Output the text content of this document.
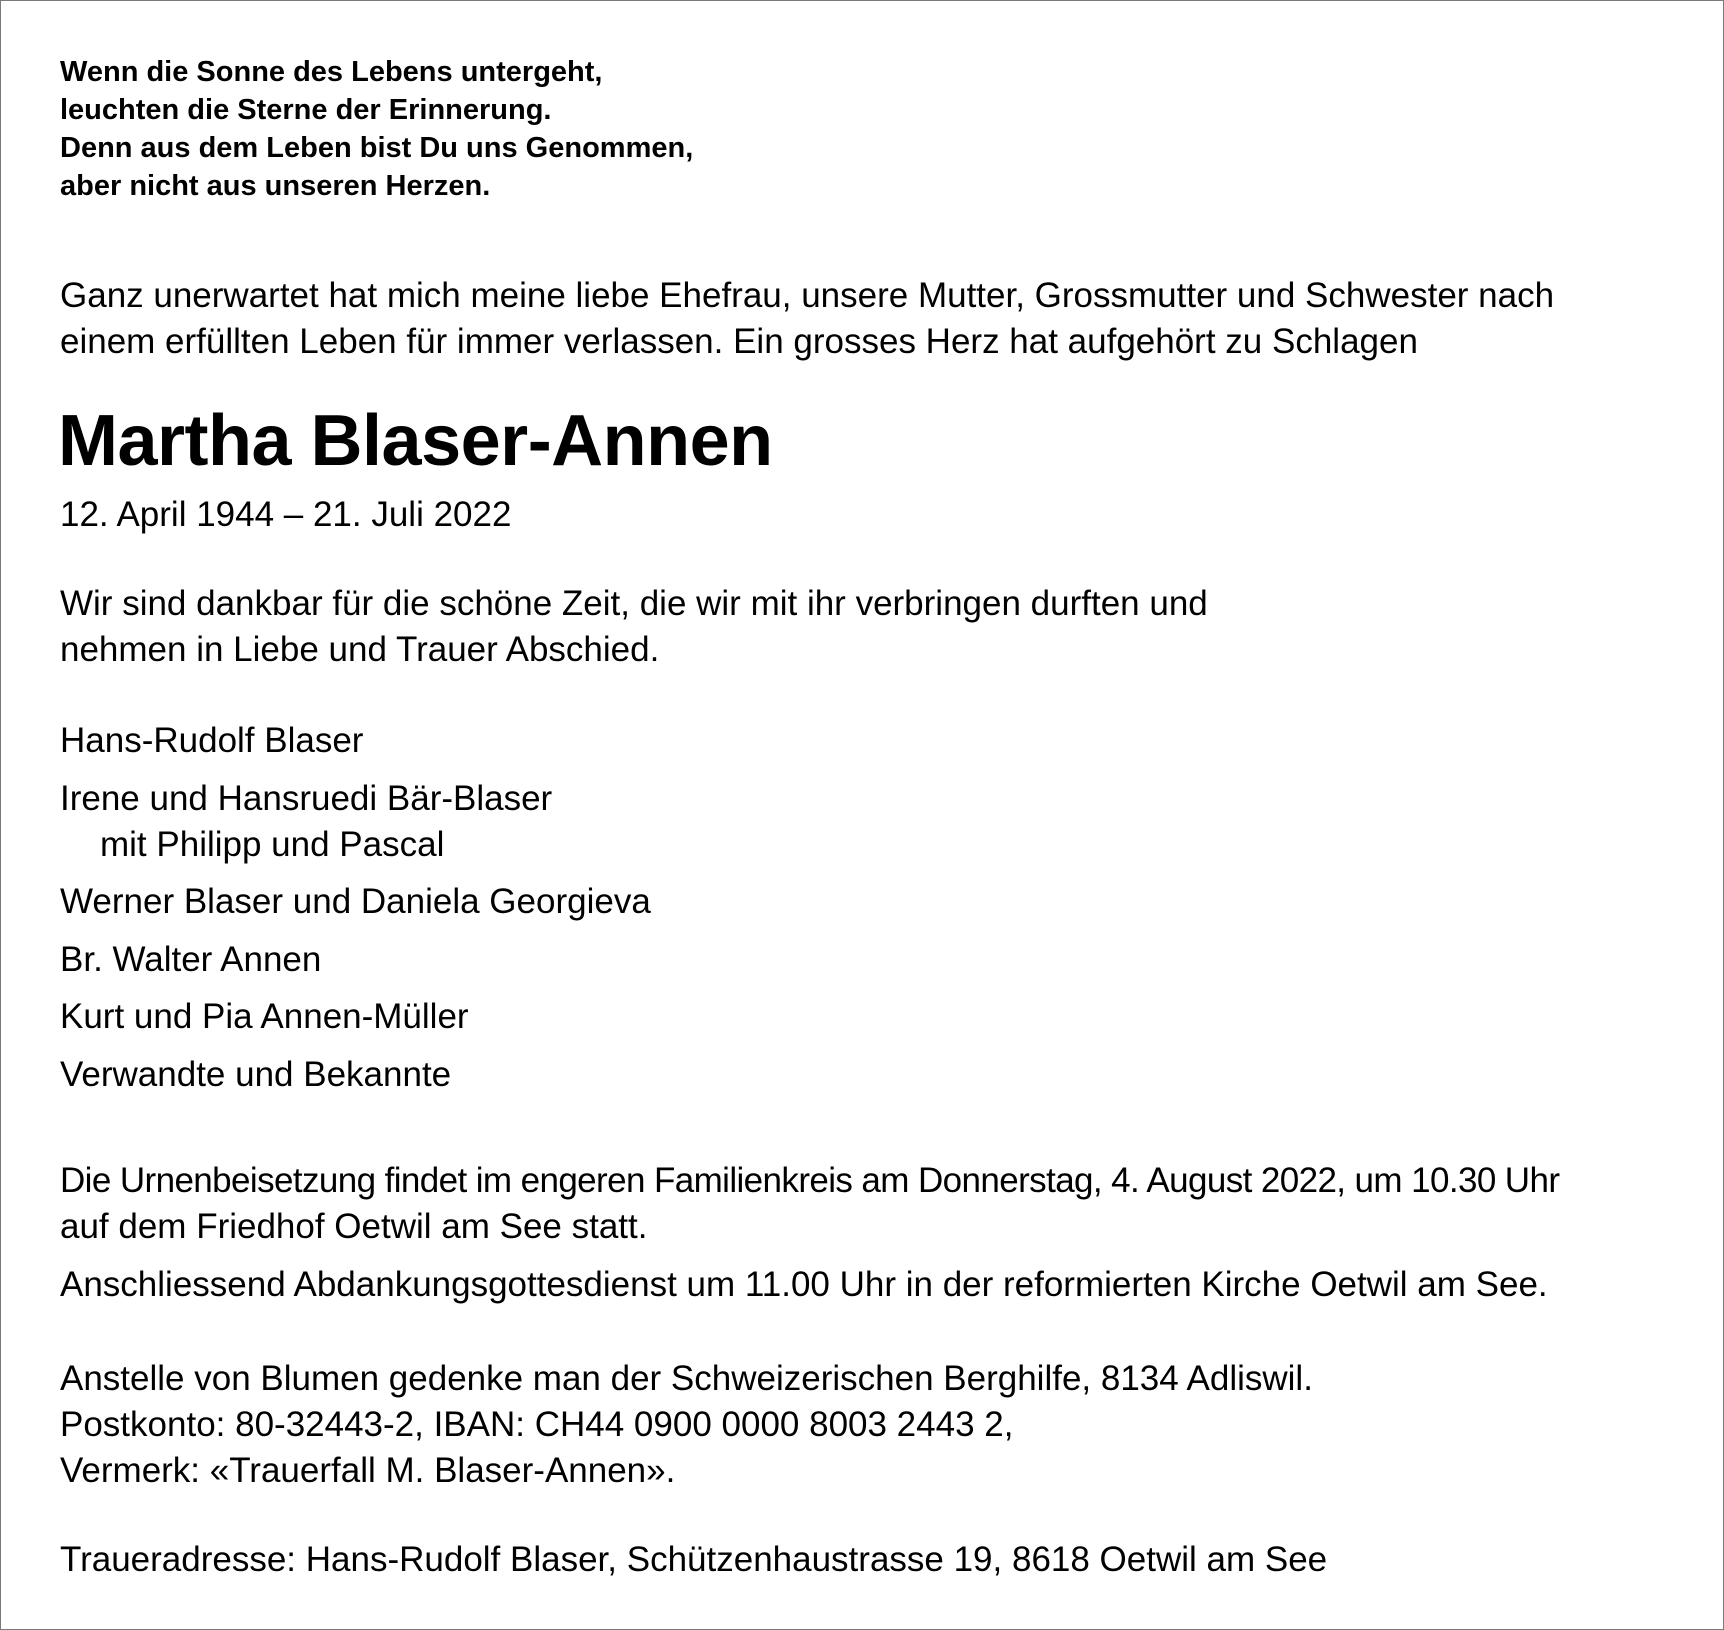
Wenn die Sonne des Lebens untergeht,
leuchten die Sterne der Erinnerung.
Denn aus dem Leben bist Du uns Genommen,
aber nicht aus unseren Herzen.
Ganz unerwartet hat mich meine liebe Ehefrau, unsere Mutter, Grossmutter und Schwester nach
einem erfüllten Leben für immer verlassen. Ein grosses Herz hat aufgehört zu Schlagen
Martha Blaser-Annen
12. April 1944 – 21. Juli 2022
Wir sind dankbar für die schöne Zeit, die wir mit ihr verbringen durften und
nehmen in Liebe und Trauer Abschied.
Hans-Rudolf Blaser
Irene und Hansruedi Bär-Blaser
mit Philipp und Pascal
Werner Blaser und Daniela Georgieva
Br. Walter Annen
Kurt und Pia Annen-Müller
Verwandte und Bekannte
Die Urnenbeisetzung findet im engeren Familienkreis am Donnerstag, 4. August 2022, um 10.30 Uhr
auf dem Friedhof Oetwil am See statt.
Anschliessend Abdankungsgottesdienst um 11.00 Uhr in der reformierten Kirche Oetwil am See.
Anstelle von Blumen gedenke man der Schweizerischen Berghilfe, 8134 Adliswil.
Postkonto: 80-32443-2, IBAN: CH44 0900 0000 8003 2443 2,
Vermerk: «Trauerfall M. Blaser-Annen».
Traueradresse: Hans-Rudolf Blaser, Schützenhaustrasse 19, 8618 Oetwil am See
